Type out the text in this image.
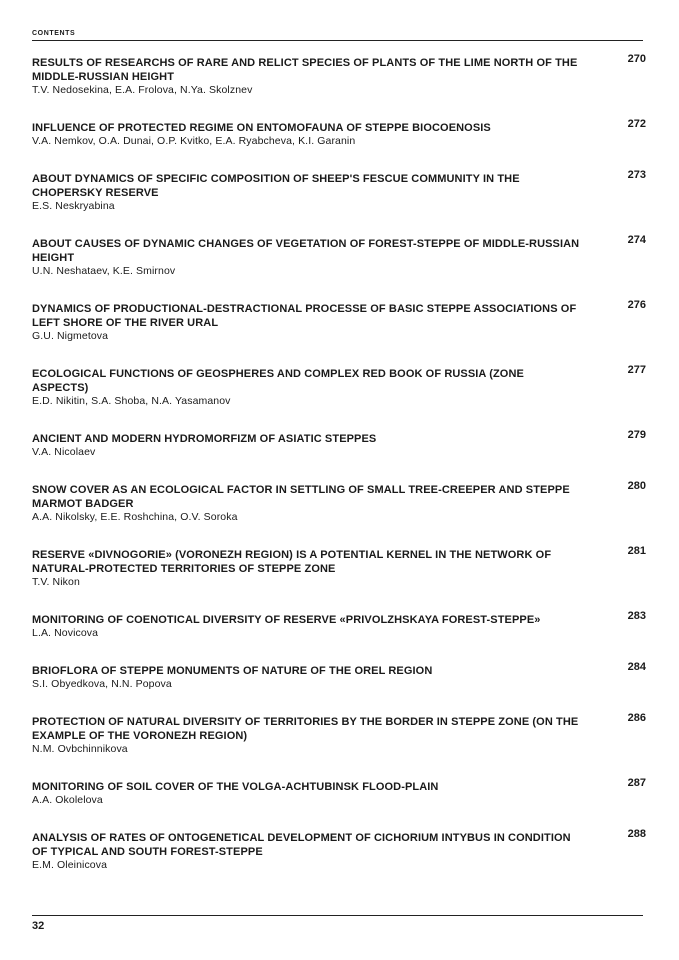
CONTENTS
RESULTS OF RESEARCHS OF RARE AND RELICT SPECIES OF PLANTS OF THE LIME NORTH OF THE MIDDLE-RUSSIAN HEIGHT
T.V. Nedosekina, E.A. Frolova, N.Ya. Skolznev
270
INFLUENCE OF PROTECTED REGIME ON ENTOMOFAUNA OF STEPPE BIOCOENOSIS
V.A. Nemkov, O.A. Dunai, O.P. Kvitko, E.A. Ryabcheva, K.I. Garanin
272
ABOUT DYNAMICS OF SPECIFIC COMPOSITION OF SHEEP'S FESCUE COMMUNITY IN THE CHOPERSKY RESERVE
E.S. Neskryabina
273
ABOUT CAUSES OF DYNAMIC CHANGES OF VEGETATION OF FOREST-STEPPE OF MIDDLE-RUSSIAN HEIGHT
U.N. Neshataev, K.E. Smirnov
274
DYNAMICS OF PRODUCTIONAL-DESTRACTIONAL PROCESSE OF BASIC STEPPE ASSOCIATIONS OF LEFT SHORE OF THE RIVER URAL
G.U. Nigmetova
276
ECOLOGICAL FUNCTIONS OF GEOSPHERES AND COMPLEX RED BOOK OF RUSSIA (ZONE ASPECTS)
E.D. Nikitin, S.A. Shoba, N.A. Yasamanov
277
ANCIENT AND MODERN HYDROMORFIZM OF ASIATIC STEPPES
V.A. Nicolaev
279
SNOW COVER AS AN ECOLOGICAL FACTOR IN SETTLING OF SMALL TREE-CREEPER AND STEPPE MARMOT BADGER
A.A. Nikolsky, E.E. Roshchina, O.V. Soroka
280
RESERVE «DIVNOGORIE» (VORONEZH REGION) IS A POTENTIAL KERNEL IN THE NETWORK OF NATURAL-PROTECTED TERRITORIES OF STEPPE ZONE
T.V. Nikon
281
MONITORING OF COENOTICAL DIVERSITY OF RESERVE «PRIVOLZHSKAYA FOREST-STEPPE»
L.A. Novicova
283
BRIOFLORA OF STEPPE MONUMENTS OF NATURE OF THE OREL REGION
S.I. Obyedkova, N.N. Popova
284
PROTECTION OF NATURAL DIVERSITY OF TERRITORIES BY THE BORDER IN STEPPE ZONE (ON THE EXAMPLE OF THE VORONEZH REGION)
N.M. Ovbchinnikova
286
MONITORING OF SOIL COVER OF THE VOLGA-ACHTUBINSK FLOOD-PLAIN
A.A. Okolelova
287
ANALYSIS OF RATES OF ONTOGENETICAL DEVELOPMENT OF CICHORIUM INTYBUS IN CONDITION OF TYPICAL AND SOUTH FOREST-STEPPE
E.M. Oleinicova
288
32
